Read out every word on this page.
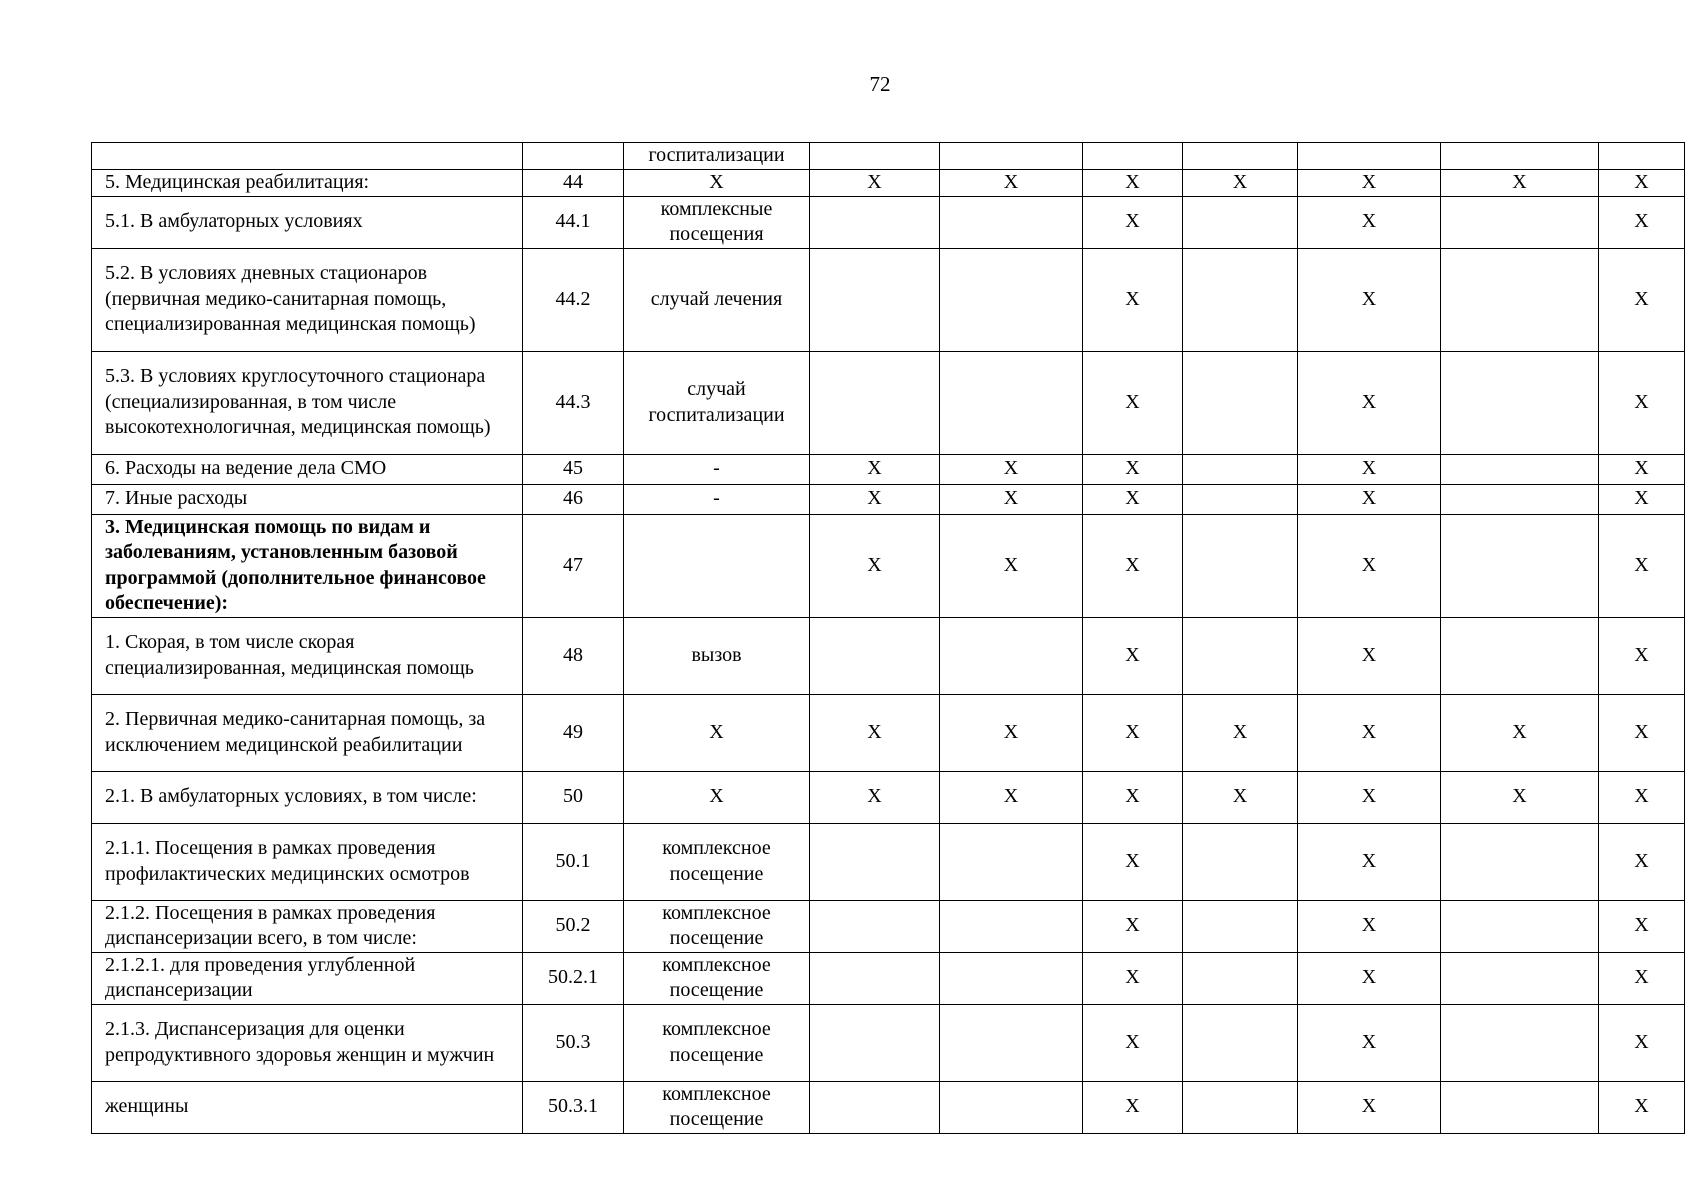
72
		госпитализации							
5. Медицинская реабилитация:	44	Х	Х	Х	Х	Х	Х	Х	Х
5.1. В амбулаторных условиях	44.1	комплексные посещения			Х		Х		Х
5.2. В условиях дневных стационаров (первичная медико-санитарная помощь, специализированная медицинская помощь)	44.2	случай лечения			Х		Х		Х
5.3. В условиях круглосуточного стационара (специализированная, в том числе высокотехнологичная, медицинская помощь)	44.3	случай госпитализации			Х		Х		Х
6. Расходы на ведение дела СМО	45	-	Х	Х	Х		Х		Х
7. Иные расходы	46	-	Х	Х	Х		Х		Х
3. Медицинская помощь по видам и заболеваниям, установленным базовой программой (дополнительное финансовое обеспечение):	47		Х	Х	Х		Х		Х
1. Скорая, в том числе скорая специализированная, медицинская помощь	48	вызов			Х		Х		Х
2. Первичная медико-санитарная помощь, за исключением медицинской реабилитации	49	Х	Х	Х	Х	Х	Х	Х	Х
2.1. В амбулаторных условиях, в том числе:	50	Х	Х	Х	Х	Х	Х	Х	Х
2.1.1. Посещения в рамках проведения профилактических медицинских осмотров	50.1	комплексное посещение			Х		Х		Х
2.1.2. Посещения в рамках проведения диспансеризации всего, в том числе:	50.2	комплексное посещение			Х		Х		Х
2.1.2.1. для проведения углубленной диспансеризации	50.2.1	комплексное посещение			Х		Х		Х
2.1.3. Диспансеризация для оценки репродуктивного здоровья женщин и мужчин	50.3	комплексное посещение			Х		Х		Х
женщины	50.3.1	комплексное посещение			Х		Х		Х
